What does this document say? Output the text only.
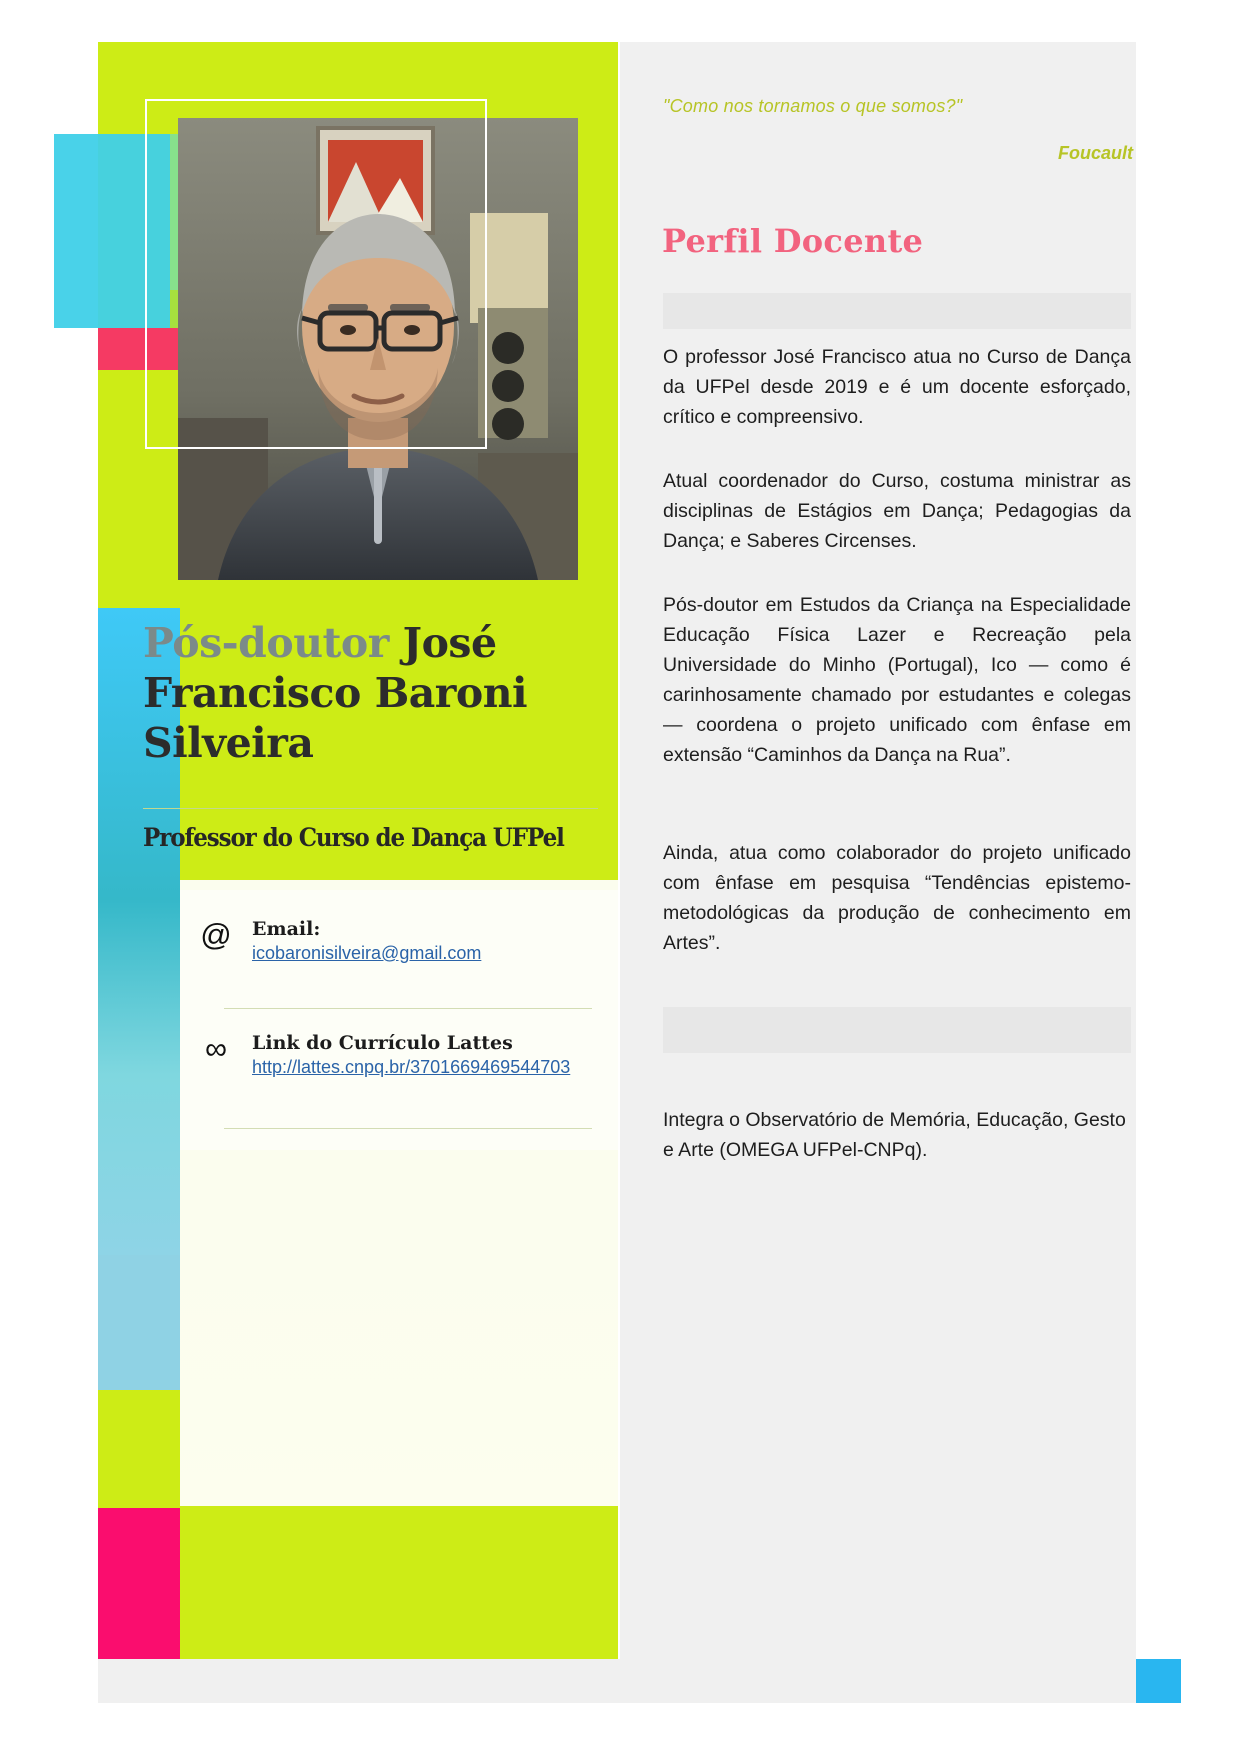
Pós-doutor José Francisco Baroni Silveira
Professor do Curso de Dança UFPel
@	Email:
icobaronisilveira@gmail.com
∞	Link do Currículo Lattes
http://lattes.cnpq.br/3701669469544703
"Como nos tornamos o que somos?"
Foucault
Perfil Docente
O professor José Francisco atua no Curso de Dança da UFPel desde 2019 e é um docente esforçado, crítico e compreensivo.
Atual coordenador do Curso, costuma ministrar as disciplinas de Estágios em Dança; Pedagogias da Dança; e Saberes Circenses.
Pós-doutor em Estudos da Criança na Especialidade Educação Física Lazer e Recreação pela Universidade do Minho (Portugal), Ico — como é carinhosamente chamado por estudantes e colegas — coordena o projeto unificado com ênfase em extensão “Caminhos da Dança na Rua”.
Ainda, atua como colaborador do projeto unificado com ênfase em pesquisa “Tendências epistemo-metodológicas da produção de conhecimento em Artes”.
Integra o Observatório de Memória, Educação, Gesto e Arte (OMEGA UFPel-CNPq).
